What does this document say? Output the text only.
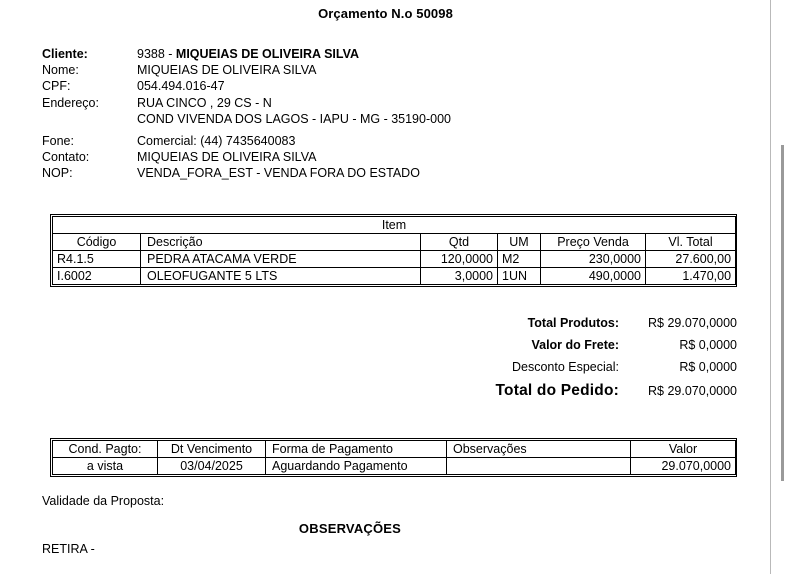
Orçamento N.o 50098
Cliente:	9388 - MIQUEIAS DE OLIVEIRA SILVA
Nome:	MIQUEIAS DE OLIVEIRA SILVA
CPF:	054.494.016-47
Endereço:	RUA CINCO , 29 CS - N
COND VIVENDA DOS LAGOS - IAPU - MG - 35190-000
Fone:	Comercial: (44) 7435640083
Contato:	MIQUEIAS DE OLIVEIRA SILVA
NOP:	VENDA_FORA_EST - VENDA FORA DO ESTADO
Item					
Código	Descrição	Qtd	UM	Preço Venda	Vl. Total
R4.1.5	PEDRA ATACAMA VERDE	120,0000	M2	230,0000	27.600,00
I.6002	OLEOFUGANTE 5 LTS	3,0000	1UN	490,0000	1.470,00
Total Produtos:	R$ 29.070,0000
Valor do Frete:	R$ 0,0000
Desconto Especial:	R$ 0,0000
Total do Pedido:	R$ 29.070,0000
Cond. Pagto:	Dt Vencimento	Forma de Pagamento	Observações	Valor
a vista	03/04/2025	Aguardando Pagamento		29.070,0000
Validade da Proposta:
OBSERVAÇÕES
RETIRA -
